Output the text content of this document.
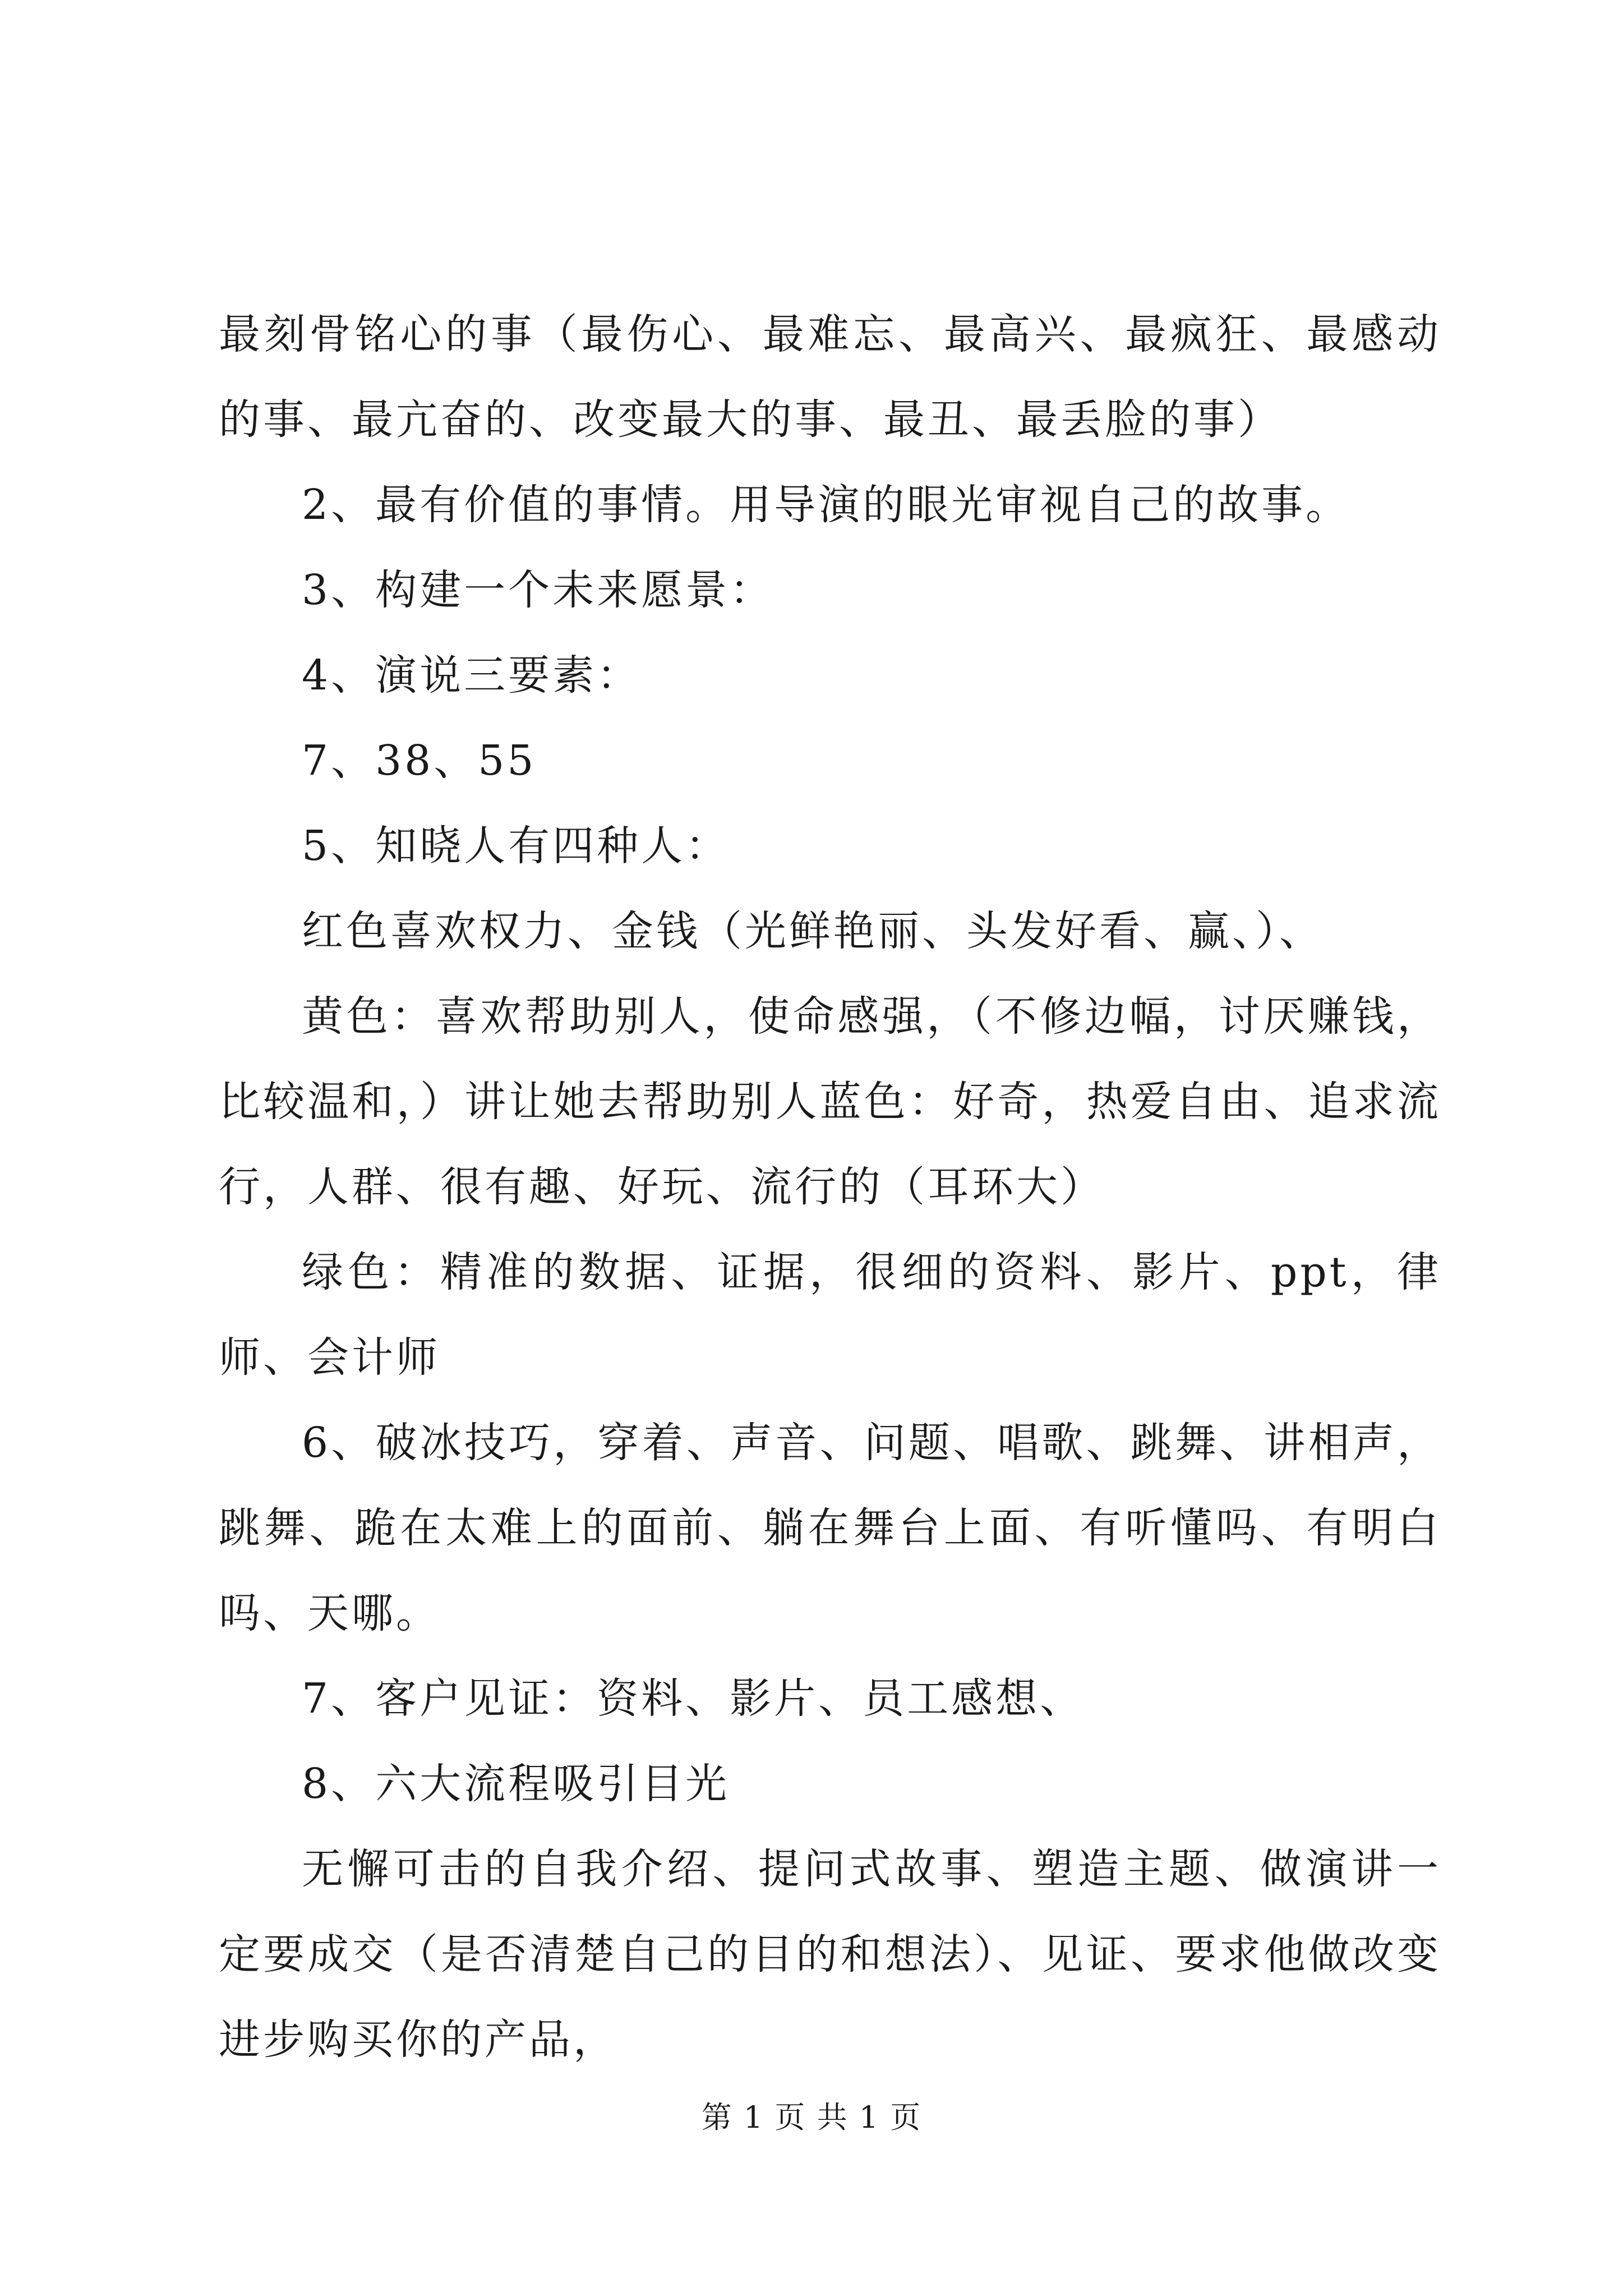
最刻骨铭心的事（最伤心、最难忘、最高兴、最疯狂、最感动的事、最亢奋的、改变最大的事、最丑、最丢脸的事）

2、最有价值的事情。用导演的眼光审视自己的故事。

3、构建一个未来愿景：

4、演说三要素：

7、38、55

5、知晓人有四种人：

红色喜欢权力、金钱（光鲜艳丽、头发好看、赢、）、

黄色：喜欢帮助别人，使命感强，（不修边幅，讨厌赚钱，比较温和，）讲让她去帮助别人蓝色：好奇，热爱自由、追求流行，人群、很有趣、好玩、流行的（耳环大）

绿色：精准的数据、证据，很细的资料、影片、ppt，律师、会计师

6、破冰技巧，穿着、声音、问题、唱歌、跳舞、讲相声，跳舞、跪在太难上的面前、躺在舞台上面、有听懂吗、有明白吗、天哪。

7、客户见证：资料、影片、员工感想、

8、六大流程吸引目光

无懈可击的自我介绍、提问式故事、塑造主题、做演讲一定要成交（是否清楚自己的目的和想法）、见证、要求他做改变进步购买你的产品，

第 1 页 共 1 页
